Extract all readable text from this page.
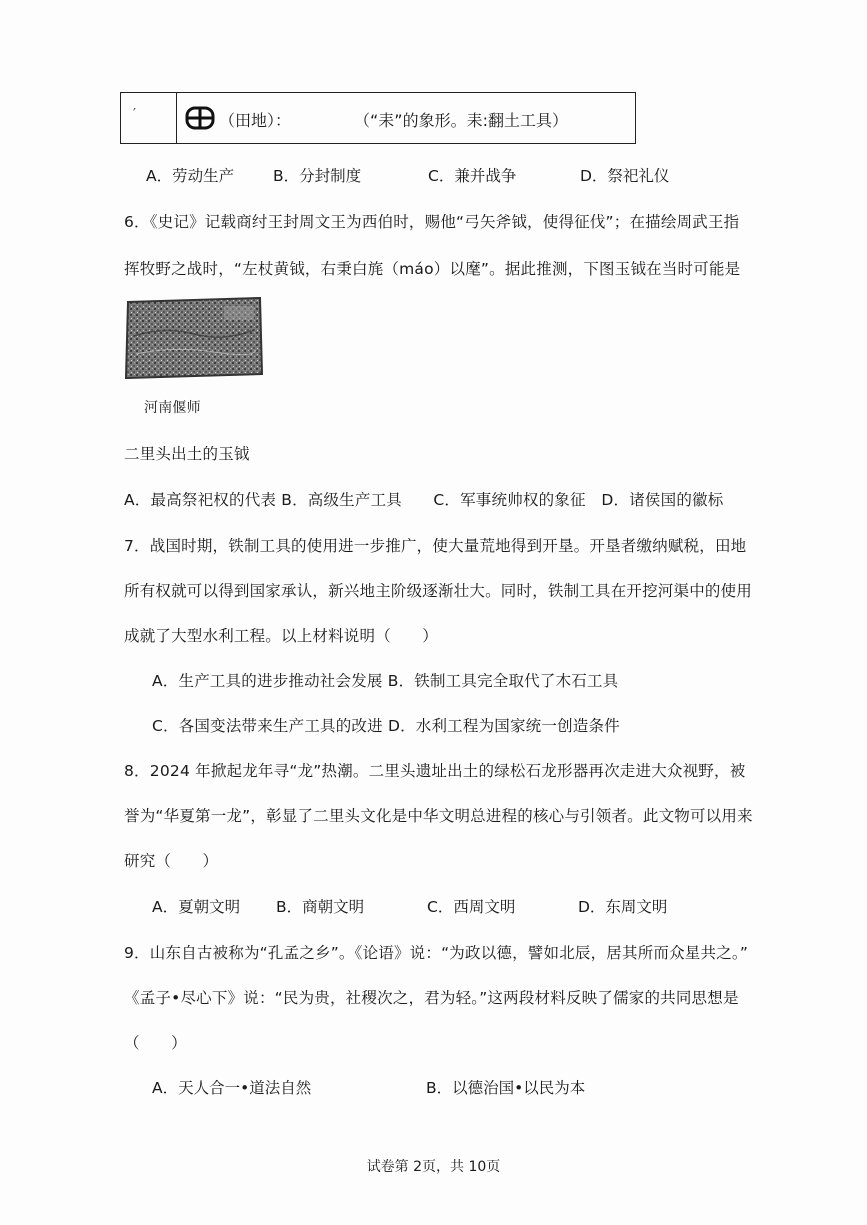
′	（田地）：	（“耒”的象形。耒:翻土工具）
A．劳动生产	B．分封制度	C．兼并战争	D．祭祀礼仪
6．《史记》记载商纣王封周文王为西伯时，赐他“弓矢斧钺，使得征伐”；在描绘周武王指
挥牧野之战时，“左杖黄钺，右秉白旄（máo）以麾”。据此推测，下图玉钺在当时可能是
河南偃师
二里头出土的玉钺
A．最高祭祀权的代表 B．高级生产工具　　C．军事统帅权的象征　D．诸侯国的徽标
7．战国时期，铁制工具的使用进一步推广，使大量荒地得到开垦。开垦者缴纳赋税，田地
所有权就可以得到国家承认，新兴地主阶级逐渐壮大。同时，铁制工具在开挖河渠中的使用
成就了大型水利工程。以上材料说明（　　）
A．生产工具的进步推动社会发展 B．铁制工具完全取代了木石工具
C．各国变法带来生产工具的改进 D．水利工程为国家统一创造条件
8．2024 年掀起龙年寻“龙”热潮。二里头遗址出土的绿松石龙形器再次走进大众视野，被
誉为“华夏第一龙”，彰显了二里头文化是中华文明总进程的核心与引领者。此文物可以用来
研究（　　）
A．夏朝文明 B．商朝文明	C．西周文明	D．东周文明
9．山东自古被称为“孔孟之乡”。《论语》说：“为政以德，譬如北辰，居其所而众星共之。”
《孟子•尽心下》说：“民为贵，社稷次之，君为轻。”这两段材料反映了儒家的共同思想是
（　　）
A．天人合一•道法自然	B．以德治国•以民为本
试卷第 2页，共 10页
